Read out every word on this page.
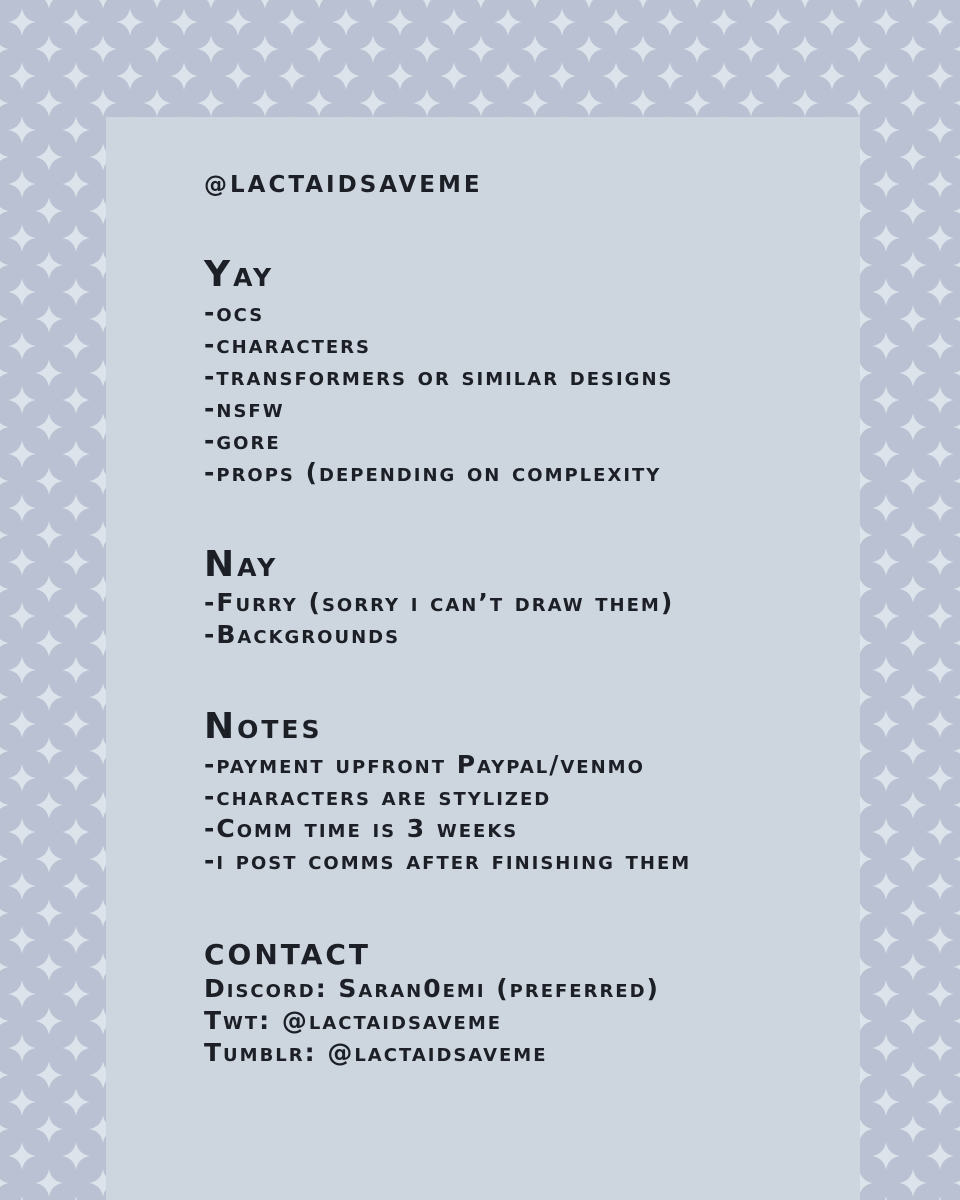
@lactaidsaveme
Yay
-ocs
-characters
-transformers or similar designs
-nsfw
-gore
-props (depending on complexity
Nay
-Furry (sorry i can’t draw them)
-Backgrounds
Notes
-payment upfront Paypal/venmo
-characters are stylized
-Comm time is 3 weeks
-i post comms after finishing them
contact
Discord: Saran0emi (preferred)
Twt: @lactaidsaveme
Tumblr: @lactaidsaveme
